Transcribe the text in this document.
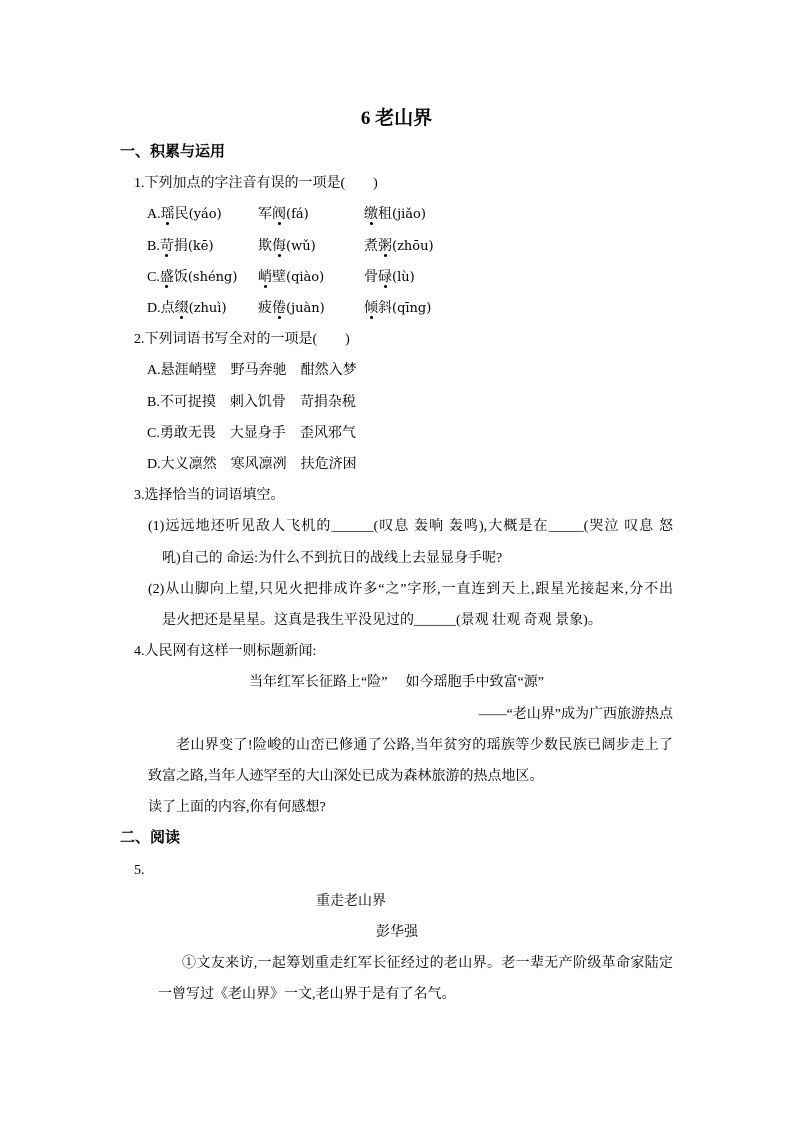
6 老山界
一、积累与运用
1.下列加点的字注音有误的一项是(　　)
A.瑶民(yáo)	军阀(fá)	缴租(jiǎo)
B.苛捐(kē)	欺侮(wǔ)	煮粥(zhōu)
C.盛饭(shéng)	峭壁(qiào)	骨碌(lù)
D.点缀(zhuì)	疲倦(juàn)	倾斜(qīng)
2.下列词语书写全对的一项是(　　)
A. 悬涯峭壁 野马奔驰 酣然入梦
B. 不可捉摸 刺入饥骨 苛捐杂税
C. 勇敢无畏 大显身手 歪风邪气
D. 大义凛然 寒风凛冽 扶危济困
3.选择恰当的词语填空。
(1)远远地还听见敌人飞机的______(叹息 轰响 轰鸣),大概是在_____(哭泣 叹息 怒
吼)自己的 命运:为什么不到抗日的战线上去显显身手呢?
(2)从山脚向上望,只见火把排成许多“之”字形,一直连到天上,跟星光接起来,分不出
是火把还是星星。这真是我生平没见过的______(景观 壮观 奇观 景象)。
4.人民网有这样一则标题新闻:
当年红军长征路上“险” 如今瑶胞手中致富“源”
——“老山界”成为广西旅游热点
老山界变了!险峻的山峦已修通了公路,当年贫穷的瑶族等少数民族已阔步走上了
致富之路,当年人迹罕至的大山深处已成为森林旅游的热点地区。
读了上面的内容,你有何感想?
二、阅读
5.
重走老山界
彭华强
①文友来访,一起筹划重走红军长征经过的老山界。老一辈无产阶级革命家陆定
一曾写过《老山界》一文,老山界于是有了名气。
